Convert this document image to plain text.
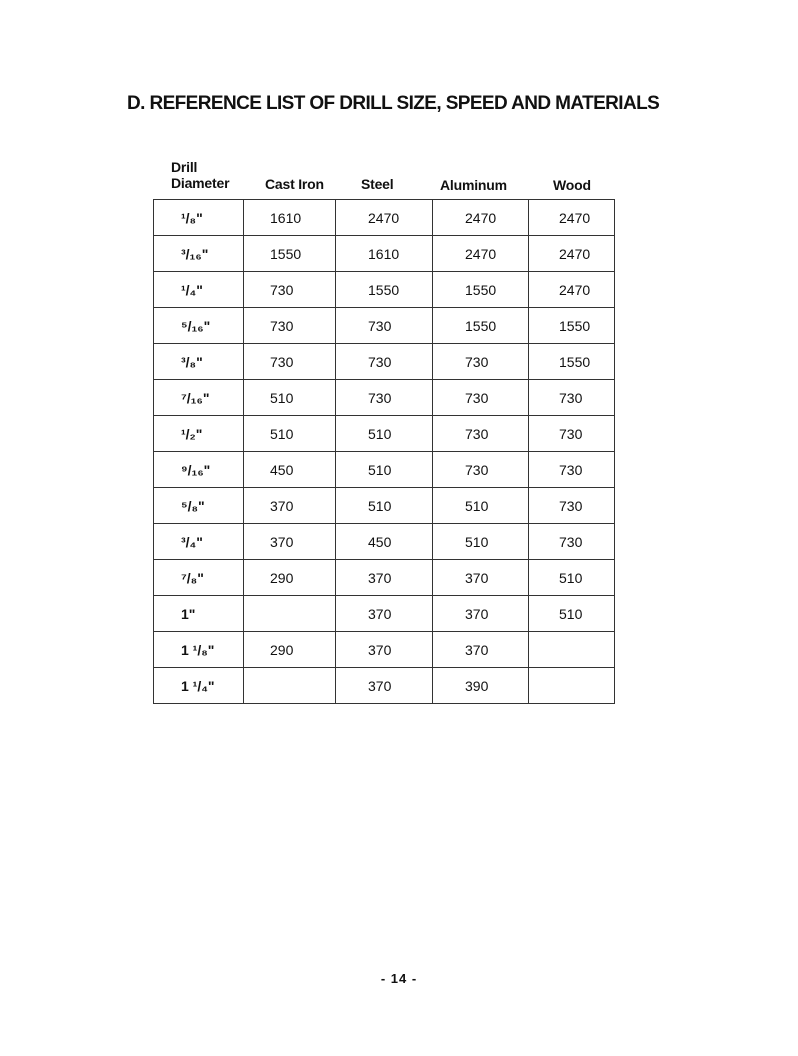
D. REFERENCE LIST OF DRILL SIZE, SPEED AND MATERIALS
Drill
Diameter	Cast Iron	Steel	Aluminum	Wood
¹/₈"	1610	2470	2470	2470
³/₁₆"	1550	1610	2470	2470
¹/₄"	730	1550	1550	2470
⁵/₁₆"	730	730	1550	1550
³/₈"	730	730	730	1550
⁷/₁₆"	510	730	730	730
¹/₂"	510	510	730	730
⁹/₁₆"	450	510	730	730
⁵/₈"	370	510	510	730
³/₄"	370	450	510	730
⁷/₈"	290	370	370	510
1"		370	370	510
1 ¹/₈"	290	370	370	
1 ¹/₄"		370	390	
- 14 -
